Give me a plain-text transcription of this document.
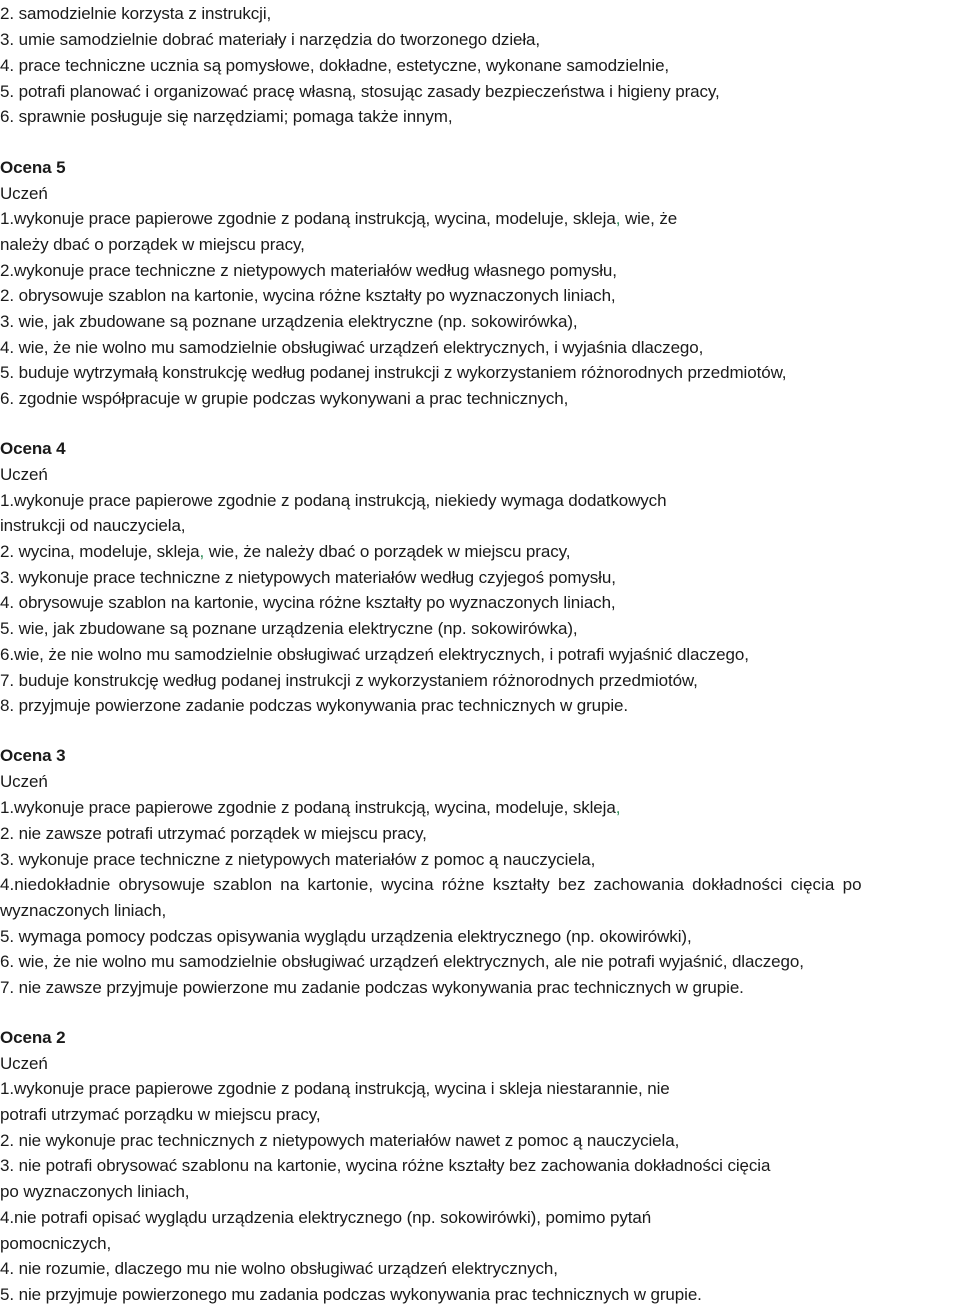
2. samodzielnie korzysta z instrukcji,
3. umie samodzielnie dobrać materiały i narzędzia do tworzonego dzieła,
4. prace techniczne ucznia są pomysłowe, dokładne, estetyczne, wykonane samodzielnie,
5. potrafi planować i organizować pracę własną, stosując zasady bezpieczeństwa i higieny pracy,
6. sprawnie posługuje się narzędziami; pomaga także innym,
Ocena 5
Uczeń
1.wykonuje prace papierowe zgodnie z podaną instrukcją, wycina, modeluje, skleja, wie, że
należy dbać o porządek w miejscu pracy,
2.wykonuje prace techniczne z nietypowych materiałów według własnego pomysłu,
2. obrysowuje szablon na kartonie, wycina różne kształty po wyznaczonych liniach,
3. wie, jak zbudowane są poznane urządzenia elektryczne (np. sokowirówka),
4. wie, że nie wolno mu samodzielnie obsługiwać urządzeń elektrycznych, i wyjaśnia dlaczego,
5. buduje wytrzymałą konstrukcję według podanej instrukcji z wykorzystaniem różnorodnych przedmiotów,
6. zgodnie współpracuje w grupie podczas wykonywani a prac technicznych,
Ocena 4
Uczeń
1.wykonuje prace papierowe zgodnie z podaną instrukcją, niekiedy wymaga dodatkowych
instrukcji od nauczyciela,
2. wycina, modeluje, skleja, wie, że należy dbać o porządek w miejscu pracy,
3. wykonuje prace techniczne z nietypowych materiałów według czyjegoś pomysłu,
4. obrysowuje szablon na kartonie, wycina różne kształty po wyznaczonych liniach,
5. wie, jak zbudowane są poznane urządzenia elektryczne (np. sokowirówka),
6.wie, że nie wolno mu samodzielnie obsługiwać urządzeń elektrycznych, i potrafi wyjaśnić dlaczego,
7. buduje konstrukcję według podanej instrukcji z wykorzystaniem różnorodnych przedmiotów,
8. przyjmuje powierzone zadanie podczas wykonywania prac technicznych w grupie.
Ocena 3
Uczeń
1.wykonuje prace papierowe zgodnie z podaną instrukcją, wycina, modeluje, skleja,
2. nie zawsze potrafi utrzymać porządek w miejscu pracy,
3. wykonuje prace techniczne z nietypowych materiałów z pomoc ą nauczyciela,
4.niedokładnie obrysowuje szablon na kartonie, wycina różne kształty bez zachowania dokładności cięcia po
wyznaczonych liniach,
5. wymaga pomocy podczas opisywania wyglądu urządzenia elektrycznego (np. okowirówki),
6. wie, że nie wolno mu samodzielnie obsługiwać urządzeń elektrycznych, ale nie potrafi wyjaśnić, dlaczego,
7. nie zawsze przyjmuje powierzone mu zadanie podczas wykonywania prac technicznych w grupie.
Ocena 2
Uczeń
1.wykonuje prace papierowe zgodnie z podaną instrukcją, wycina i skleja niestarannie, nie
potrafi utrzymać porządku w miejscu pracy,
2. nie wykonuje prac technicznych z nietypowych materiałów nawet z pomoc ą nauczyciela,
3. nie potrafi obrysować szablonu na kartonie, wycina różne kształty bez zachowania dokładności cięcia
po wyznaczonych liniach,
4.nie potrafi opisać wyglądu urządzenia elektrycznego (np. sokowirówki), pomimo pytań
pomocniczych,
4. nie rozumie, dlaczego mu nie wolno obsługiwać urządzeń elektrycznych,
5. nie przyjmuje powierzonego mu zadania podczas wykonywania prac technicznych w grupie.
